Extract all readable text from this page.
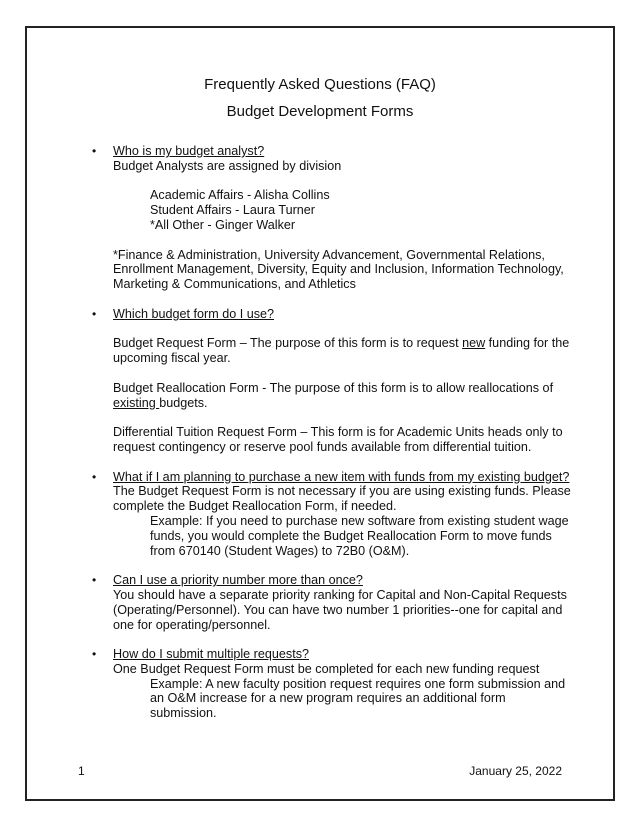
Frequently Asked Questions (FAQ)
Budget Development Forms
• Who is my budget analyst?

Budget Analysts are assigned by division

Academic Affairs - Alisha Collins

Student Affairs - Laura Turner

*All Other - Ginger Walker

*Finance & Administration, University Advancement, Governmental Relations, Enrollment Management, Diversity, Equity and Inclusion, Information Technology, Marketing & Communications, and Athletics

• Which budget form do I use?

Budget Request Form – The purpose of this form is to request new funding for the upcoming fiscal year.

Budget Reallocation Form - The purpose of this form is to allow reallocations of existing budgets.

Differential Tuition Request Form – This form is for Academic Units heads only to request contingency or reserve pool funds available from differential tuition.

• What if I am planning to purchase a new item with funds from my existing budget?

The Budget Request Form is not necessary if you are using existing funds. Please complete the Budget Reallocation Form, if needed.

Example: If you need to purchase new software from existing student wage funds, you would complete the Budget Reallocation Form to move funds from 670140 (Student Wages) to 72B0 (O&M).

• Can I use a priority number more than once?

You should have a separate priority ranking for Capital and Non-Capital Requests (Operating/Personnel). You can have two number 1 priorities--one for capital and one for operating/personnel.

• How do I submit multiple requests?

One Budget Request Form must be completed for each new funding request

Example: A new faculty position request requires one form submission and an O&M increase for a new program requires an additional form submission.

1	January 25, 2022
